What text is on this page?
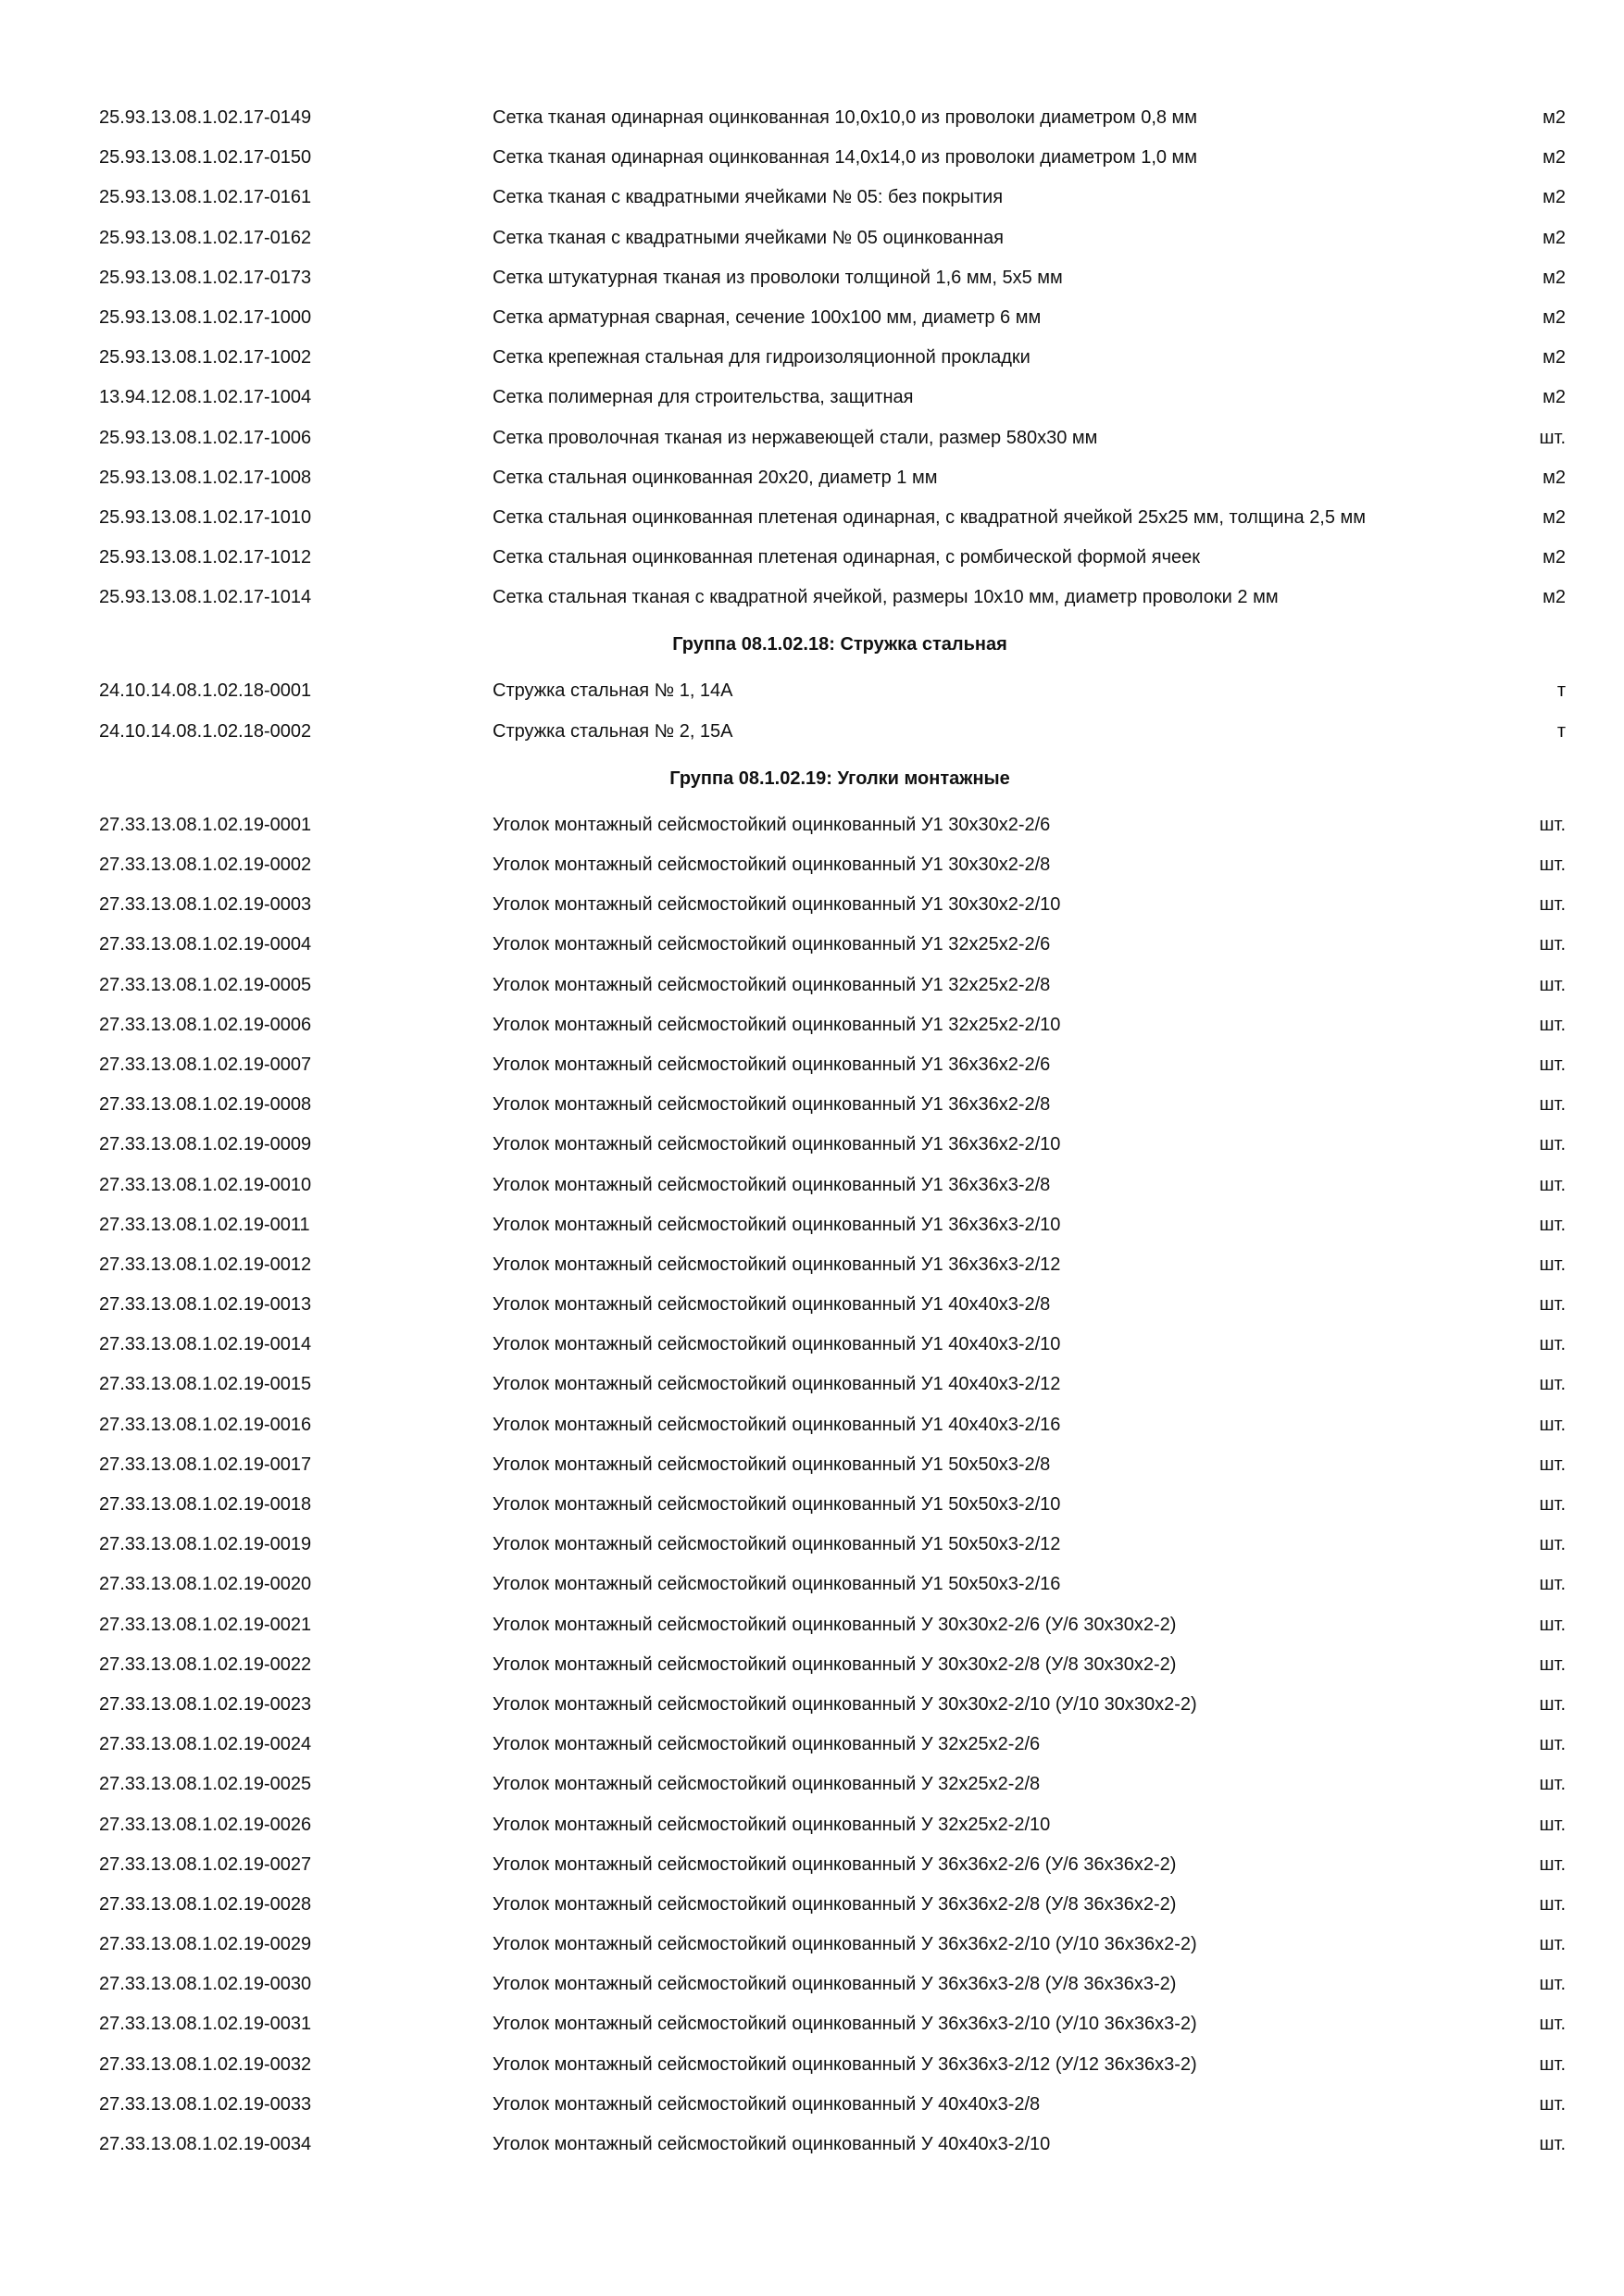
25.93.13.08.1.02.17-0149	Сетка тканая одинарная оцинкованная 10,0x10,0 из проволоки диаметром 0,8 мм	м2
25.93.13.08.1.02.17-0150	Сетка тканая одинарная оцинкованная 14,0x14,0 из проволоки диаметром 1,0 мм	м2
25.93.13.08.1.02.17-0161	Сетка тканая с квадратными ячейками № 05: без покрытия	м2
25.93.13.08.1.02.17-0162	Сетка тканая с квадратными ячейками № 05 оцинкованная	м2
25.93.13.08.1.02.17-0173	Сетка штукатурная тканая из проволоки толщиной 1,6 мм, 5x5 мм	м2
25.93.13.08.1.02.17-1000	Сетка арматурная сварная, сечение 100x100 мм, диаметр 6 мм	м2
25.93.13.08.1.02.17-1002	Сетка крепежная стальная для гидроизоляционной прокладки	м2
13.94.12.08.1.02.17-1004	Сетка полимерная для строительства, защитная	м2
25.93.13.08.1.02.17-1006	Сетка проволочная тканая из нержавеющей стали, размер 580x30 мм	шт.
25.93.13.08.1.02.17-1008	Сетка стальная оцинкованная 20x20, диаметр 1 мм	м2
25.93.13.08.1.02.17-1010	Сетка стальная оцинкованная плетеная одинарная, с квадратной ячейкой 25x25 мм, толщина 2,5 мм	м2
25.93.13.08.1.02.17-1012	Сетка стальная оцинкованная плетеная одинарная, с ромбической формой ячеек	м2
25.93.13.08.1.02.17-1014	Сетка стальная тканая с квадратной ячейкой, размеры 10x10 мм, диаметр проволоки 2 мм	м2
Группа 08.1.02.18: Стружка стальная
24.10.14.08.1.02.18-0001	Стружка стальная № 1, 14А	т
24.10.14.08.1.02.18-0002	Стружка стальная № 2, 15А	т
Группа 08.1.02.19: Уголки монтажные
27.33.13.08.1.02.19-0001	Уголок монтажный сейсмостойкий оцинкованный У1 30x30x2-2/6	шт.
27.33.13.08.1.02.19-0002	Уголок монтажный сейсмостойкий оцинкованный У1 30x30x2-2/8	шт.
27.33.13.08.1.02.19-0003	Уголок монтажный сейсмостойкий оцинкованный У1 30x30x2-2/10	шт.
27.33.13.08.1.02.19-0004	Уголок монтажный сейсмостойкий оцинкованный У1 32x25x2-2/6	шт.
27.33.13.08.1.02.19-0005	Уголок монтажный сейсмостойкий оцинкованный У1 32x25x2-2/8	шт.
27.33.13.08.1.02.19-0006	Уголок монтажный сейсмостойкий оцинкованный У1 32x25x2-2/10	шт.
27.33.13.08.1.02.19-0007	Уголок монтажный сейсмостойкий оцинкованный У1 36x36x2-2/6	шт.
27.33.13.08.1.02.19-0008	Уголок монтажный сейсмостойкий оцинкованный У1 36x36x2-2/8	шт.
27.33.13.08.1.02.19-0009	Уголок монтажный сейсмостойкий оцинкованный У1 36x36x2-2/10	шт.
27.33.13.08.1.02.19-0010	Уголок монтажный сейсмостойкий оцинкованный У1 36x36x3-2/8	шт.
27.33.13.08.1.02.19-0011	Уголок монтажный сейсмостойкий оцинкованный У1 36x36x3-2/10	шт.
27.33.13.08.1.02.19-0012	Уголок монтажный сейсмостойкий оцинкованный У1 36x36x3-2/12	шт.
27.33.13.08.1.02.19-0013	Уголок монтажный сейсмостойкий оцинкованный У1 40x40x3-2/8	шт.
27.33.13.08.1.02.19-0014	Уголок монтажный сейсмостойкий оцинкованный У1 40x40x3-2/10	шт.
27.33.13.08.1.02.19-0015	Уголок монтажный сейсмостойкий оцинкованный У1 40x40x3-2/12	шт.
27.33.13.08.1.02.19-0016	Уголок монтажный сейсмостойкий оцинкованный У1 40x40x3-2/16	шт.
27.33.13.08.1.02.19-0017	Уголок монтажный сейсмостойкий оцинкованный У1 50x50x3-2/8	шт.
27.33.13.08.1.02.19-0018	Уголок монтажный сейсмостойкий оцинкованный У1 50x50x3-2/10	шт.
27.33.13.08.1.02.19-0019	Уголок монтажный сейсмостойкий оцинкованный У1 50x50x3-2/12	шт.
27.33.13.08.1.02.19-0020	Уголок монтажный сейсмостойкий оцинкованный У1 50x50x3-2/16	шт.
27.33.13.08.1.02.19-0021	Уголок монтажный сейсмостойкий оцинкованный У 30x30x2-2/6 (У/6 30x30x2-2)	шт.
27.33.13.08.1.02.19-0022	Уголок монтажный сейсмостойкий оцинкованный У 30x30x2-2/8 (У/8 30x30x2-2)	шт.
27.33.13.08.1.02.19-0023	Уголок монтажный сейсмостойкий оцинкованный У 30x30x2-2/10 (У/10 30x30x2-2)	шт.
27.33.13.08.1.02.19-0024	Уголок монтажный сейсмостойкий оцинкованный У 32x25x2-2/6	шт.
27.33.13.08.1.02.19-0025	Уголок монтажный сейсмостойкий оцинкованный У 32x25x2-2/8	шт.
27.33.13.08.1.02.19-0026	Уголок монтажный сейсмостойкий оцинкованный У 32x25x2-2/10	шт.
27.33.13.08.1.02.19-0027	Уголок монтажный сейсмостойкий оцинкованный У 36x36x2-2/6 (У/6 36x36x2-2)	шт.
27.33.13.08.1.02.19-0028	Уголок монтажный сейсмостойкий оцинкованный У 36x36x2-2/8 (У/8 36x36x2-2)	шт.
27.33.13.08.1.02.19-0029	Уголок монтажный сейсмостойкий оцинкованный У 36x36x2-2/10 (У/10 36x36x2-2)	шт.
27.33.13.08.1.02.19-0030	Уголок монтажный сейсмостойкий оцинкованный У 36x36x3-2/8 (У/8 36x36x3-2)	шт.
27.33.13.08.1.02.19-0031	Уголок монтажный сейсмостойкий оцинкованный У 36x36x3-2/10 (У/10 36x36x3-2)	шт.
27.33.13.08.1.02.19-0032	Уголок монтажный сейсмостойкий оцинкованный У 36x36x3-2/12 (У/12 36x36x3-2)	шт.
27.33.13.08.1.02.19-0033	Уголок монтажный сейсмостойкий оцинкованный У 40x40x3-2/8	шт.
27.33.13.08.1.02.19-0034	Уголок монтажный сейсмостойкий оцинкованный У 40x40x3-2/10	шт.
